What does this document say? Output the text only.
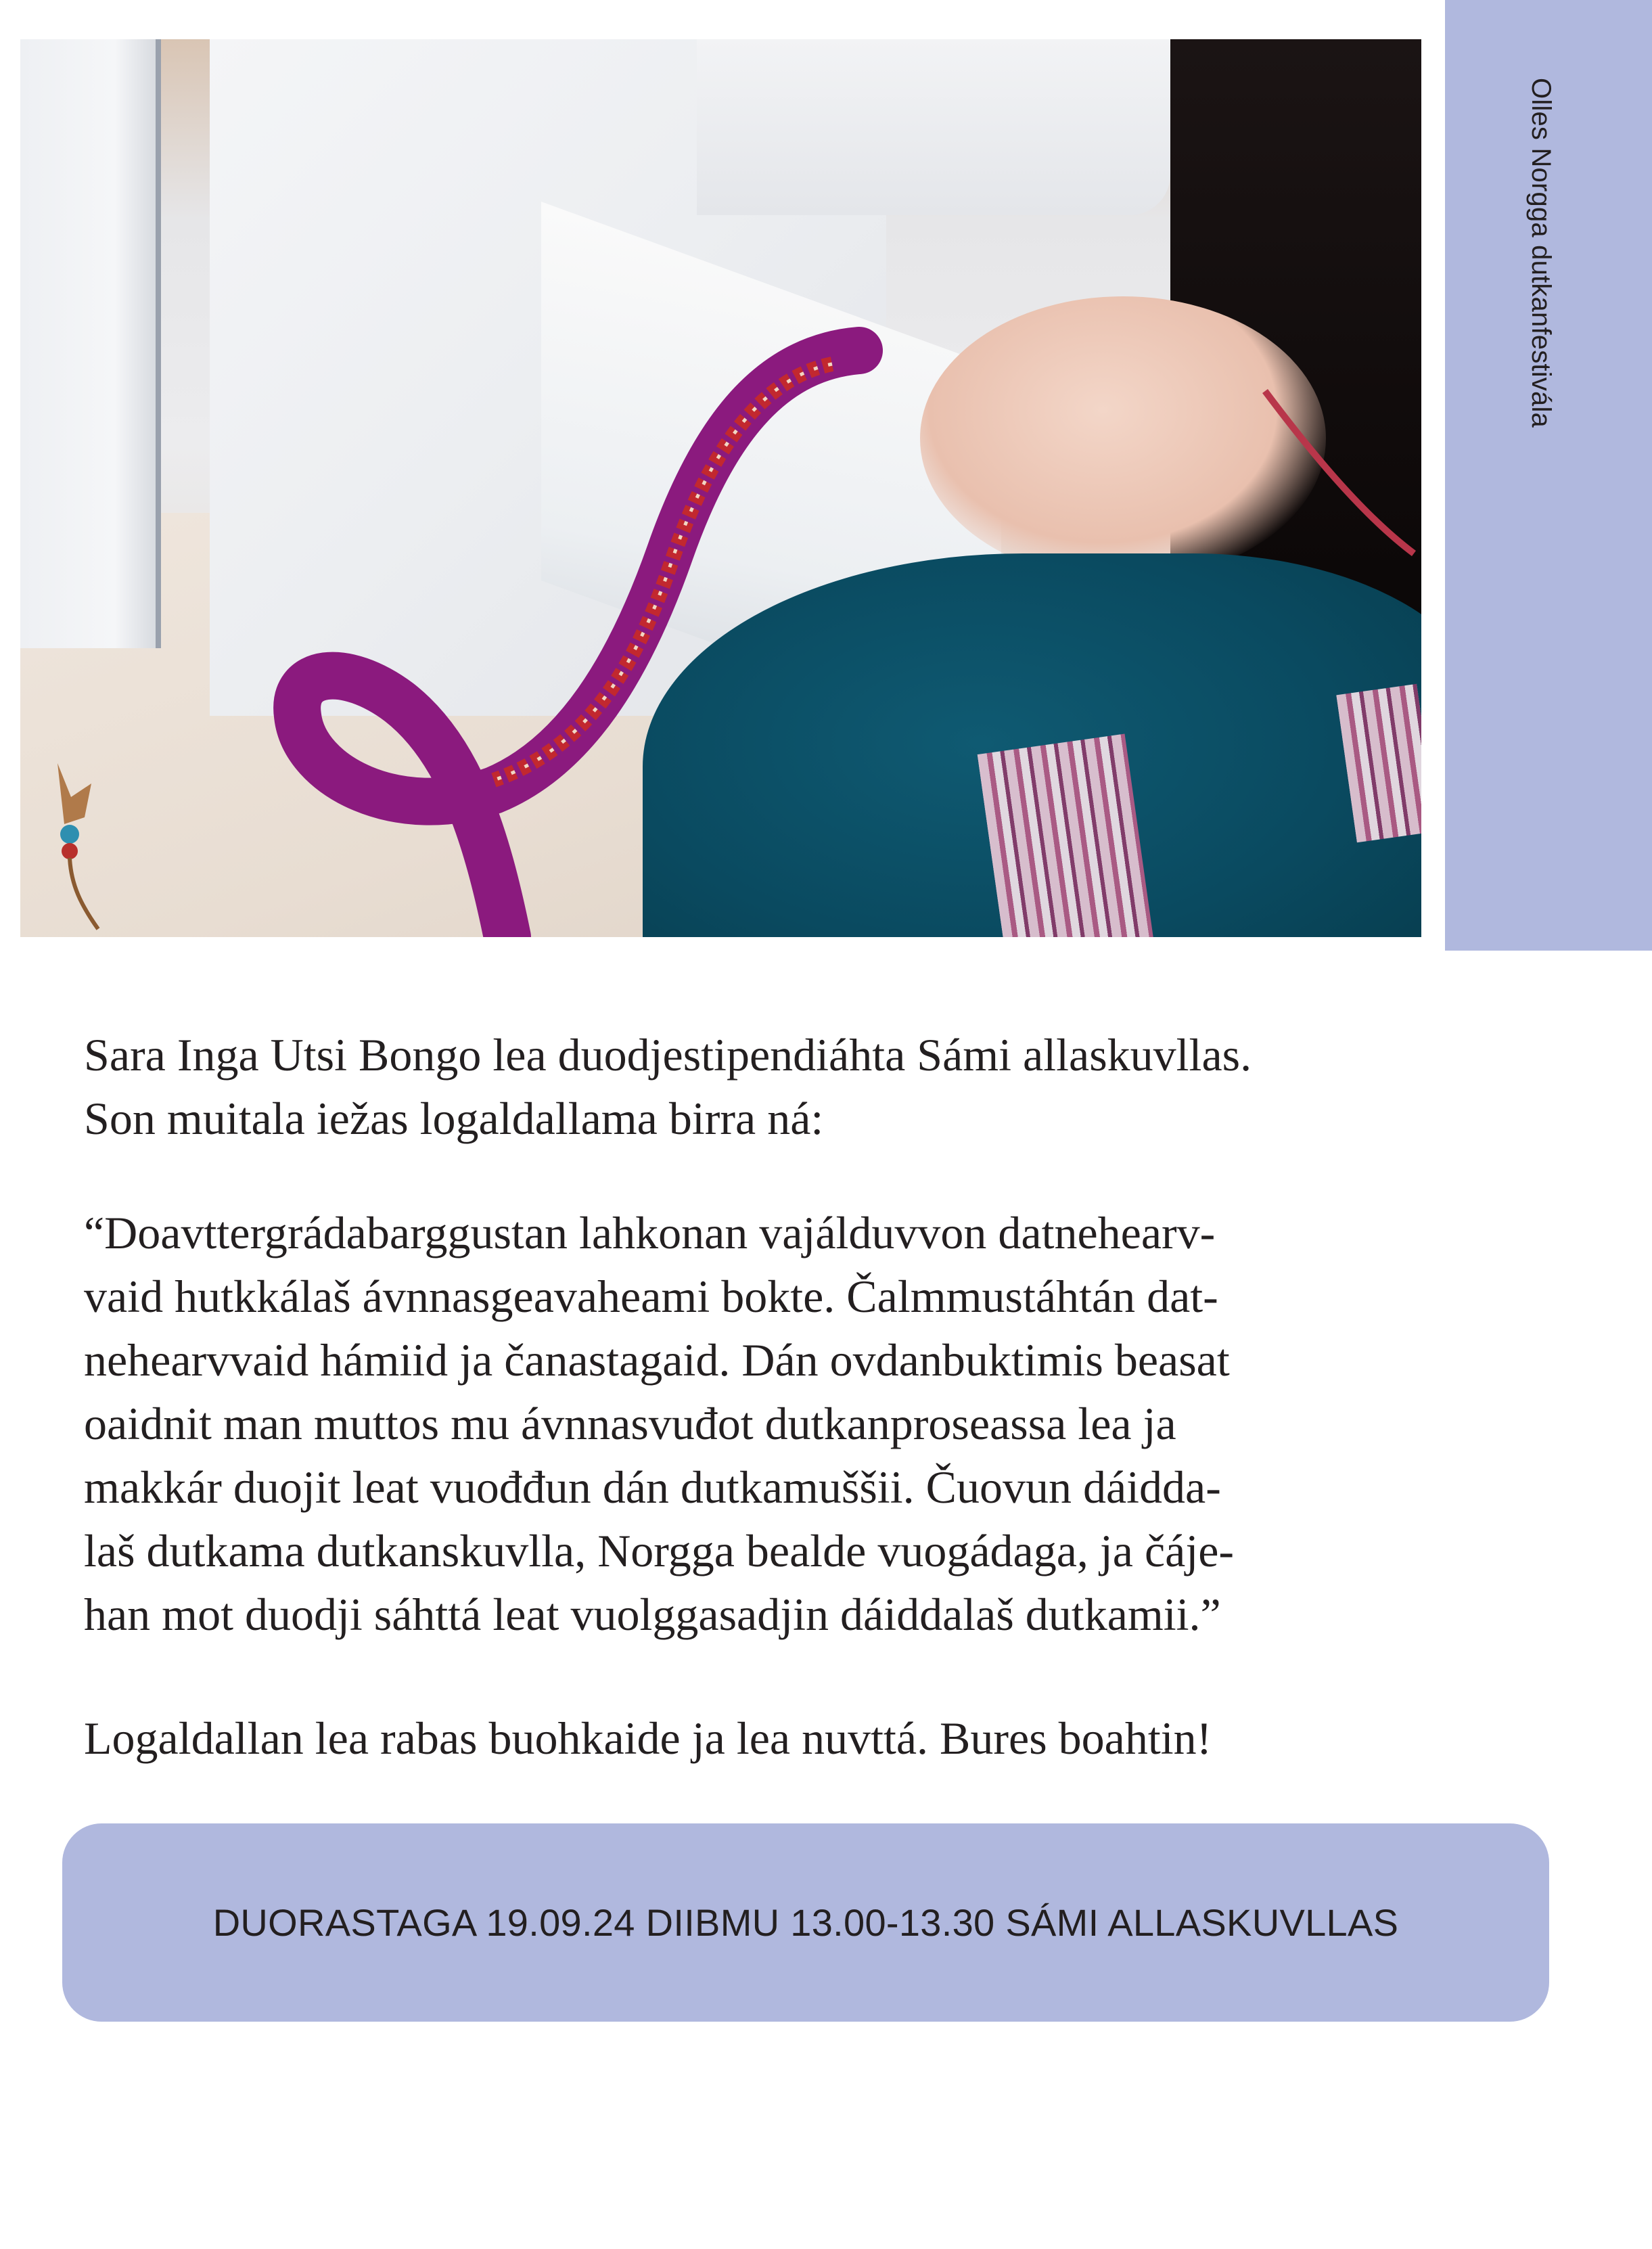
Olles Norgga dutkanfestivála
Sara Inga Utsi Bongo lea duodjestipendiáhta Sámi allaskuvllas.
Son muitala iežas logaldallama birra ná:
“Doavttergrádabarggustan lahkonan vajálduvvon datnehearv-
vaid hutkkálaš ávnnasgeavaheami bokte. Čalmmustáhtán dat-
nehearvvaid hámiid ja čanastagaid. Dán ovdanbuktimis beasat
oaidnit man muttos mu ávnnasvuđot dutkanproseassa lea ja
makkár duojit leat vuođđun dán dutkamuššii. Čuovun dáidda-
laš dutkama dutkanskuvlla, Norgga bealde vuogádaga, ja čáje-
han mot duodji sáhttá leat vuolggasadjin dáiddalaš dutkamii.”
Logaldallan lea rabas buohkaide ja lea nuvttá. Bures boahtin!
DUORASTAGA 19.09.24 DIIBMU 13.00-13.30 SÁMI ALLASKUVLLAS
